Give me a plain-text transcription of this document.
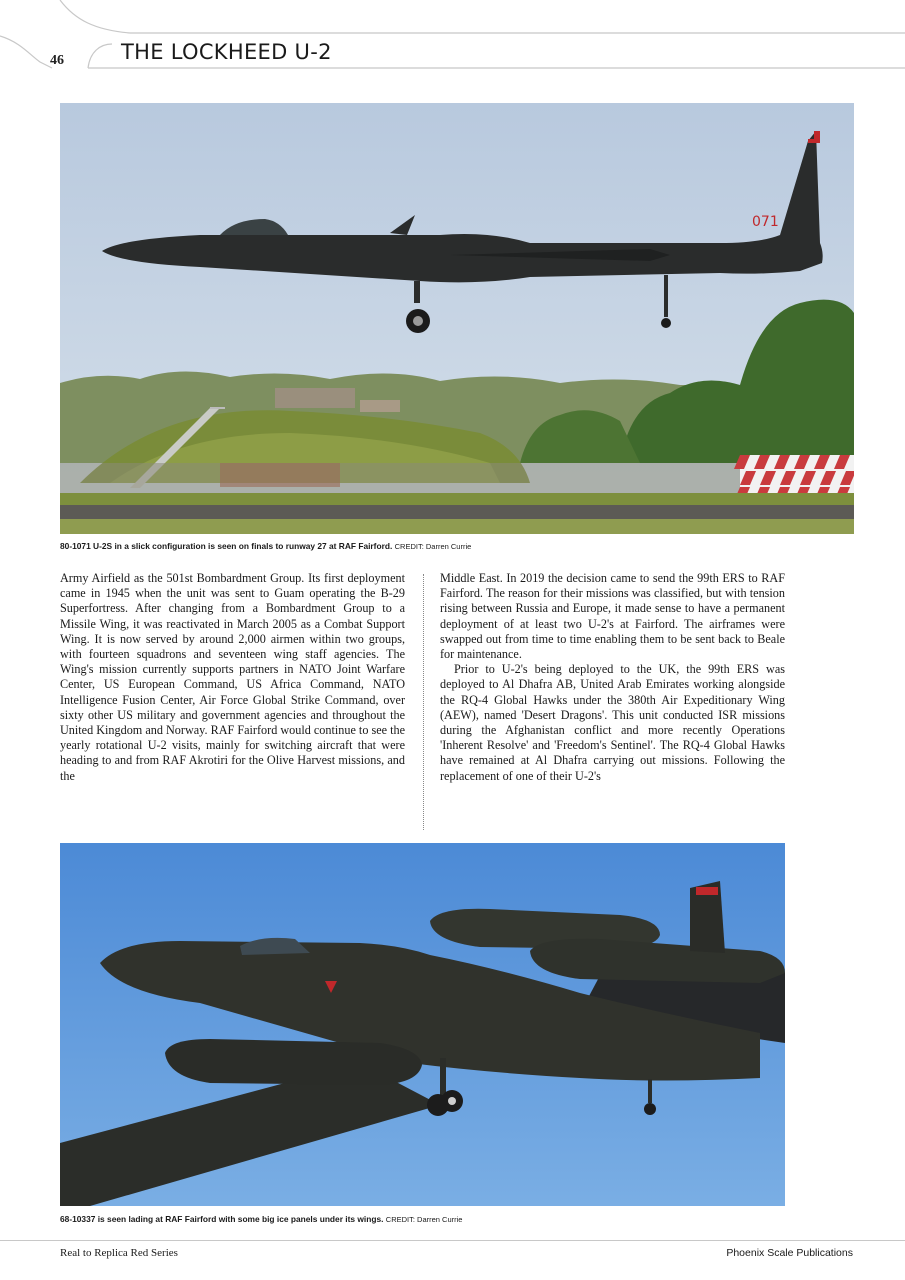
46	THE LOCKHEED U-2
071
80-1071 U-2S in a slick configuration is seen on finals to runway 27 at RAF Fairford. CREDIT: Darren Currie

Army Airfield as the 501st Bombardment Group. Its first deployment came in 1945 when the unit was sent to Guam operating the B-29 Superfortress. After changing from a Bombardment Group to a Missile Wing, it was reactivated in March 2005 as a Combat Support Wing. It is now served by around 2,000 airmen within two groups, with fourteen squadrons and seventeen wing staff agencies. The Wing's mission currently supports partners in NATO Joint Warfare Center, US European Command, US Africa Command, NATO Intelligence Fusion Center, Air Force Global Strike Command, over sixty other US military and government agencies and throughout the United Kingdom and Norway. RAF Fairford would continue to see the yearly rotational U-2 visits, mainly for switching aircraft that were heading to and from RAF Akrotiri for the Olive Harvest missions, and the

Middle East. In 2019 the decision came to send the 99th ERS to RAF Fairford. The reason for their missions was classified, but with tension rising between Russia and Europe, it made sense to have a permanent deployment of at least two U-2's at Fairford. The airframes were swapped out from time to time enabling them to be sent back to Beale for maintenance.

Prior to U-2's being deployed to the UK, the 99th ERS was deployed to Al Dhafra AB, United Arab Emirates working alongside the RQ-4 Global Hawks under the 380th Air Expeditionary Wing (AEW), named 'Desert Dragons'. This unit conducted ISR missions during the Afghanistan conflict and more recently Operations 'Inherent Resolve' and 'Freedom's Sentinel'. The RQ-4 Global Hawks have remained at Al Dhafra carrying out missions. Following the replacement of one of their U-2's

68-10337 is seen lading at RAF Fairford with some big ice panels under its wings. CREDIT: Darren Currie
Real to Replica Red Series	Phoenix Scale Publications
